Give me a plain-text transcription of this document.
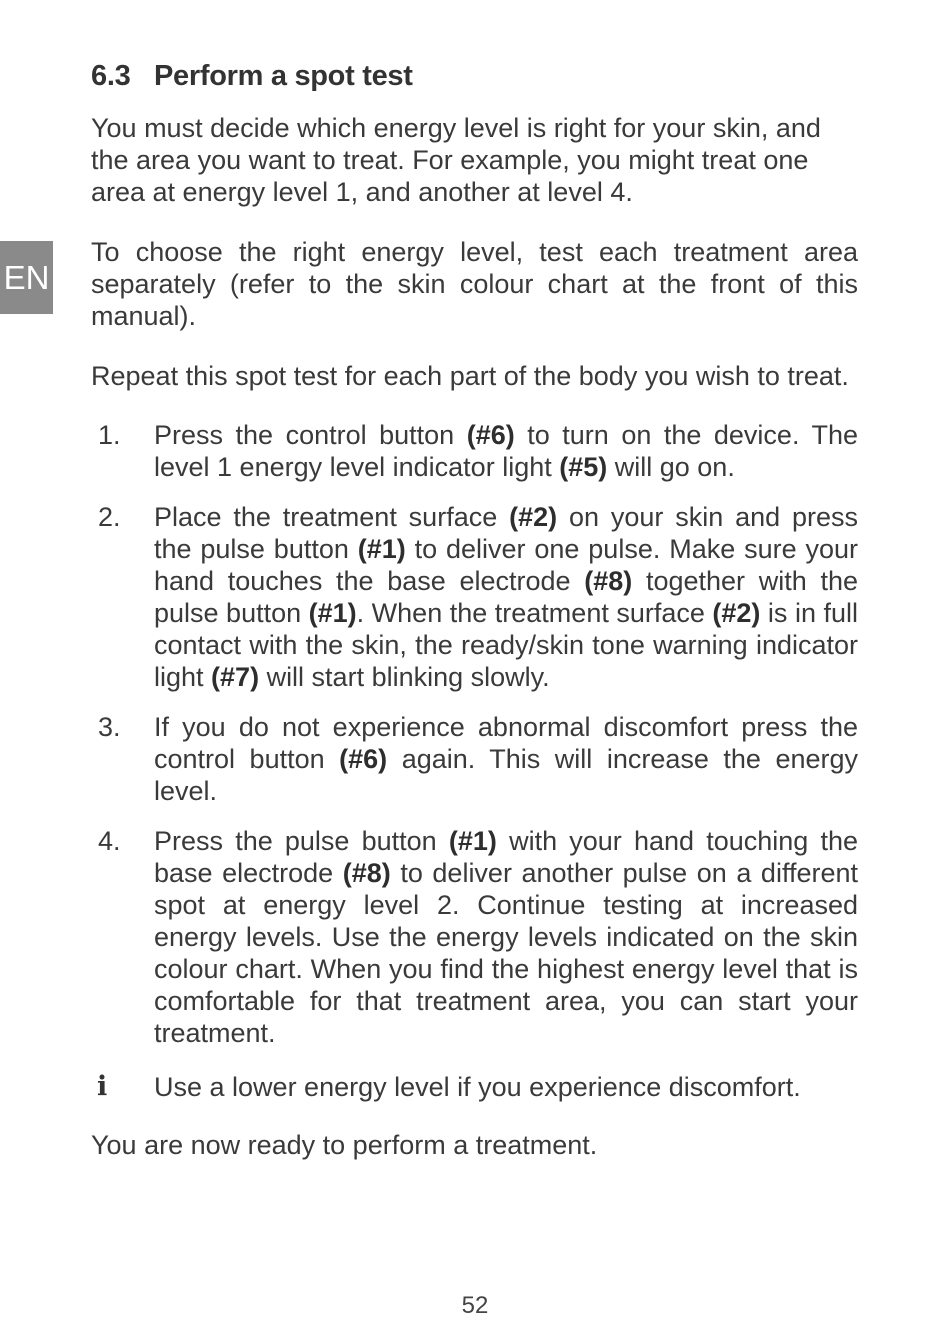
EN
6.3 Perform a spot test

You must decide which energy level is right for your skin, and the area you want to treat. For example, you might treat one area at energy level 1, and another at level 4.

To choose the right energy level, test each treatment area separately (refer to the skin colour chart at the front of this manual).

Repeat this spot test for each part of the body you wish to treat.

1. Press the control button (#6) to turn on the device. The level 1 energy level indicator light (#5) will go on.
2. Place the treatment surface (#2) on your skin and press the pulse button (#1) to deliver one pulse. Make sure your hand touches the base electrode (#8) together with the pulse button (#1). When the treatment surface (#2) is in full contact with the skin, the ready/skin tone warning indicator light (#7) will start blinking slowly.
3. If you do not experience abnormal discomfort press the control button (#6) again. This will increase the energy level.
4. Press the pulse button (#1) with your hand touching the base electrode (#8) to deliver another pulse on a different spot at energy level 2. Continue testing at increased energy levels. Use the energy levels indicated on the skin colour chart. When you find the highest energy level that is comfortable for that treatment area, you can start your treatment.
i Use a lower energy level if you experience discomfort.

You are now ready to perform a treatment.

52
